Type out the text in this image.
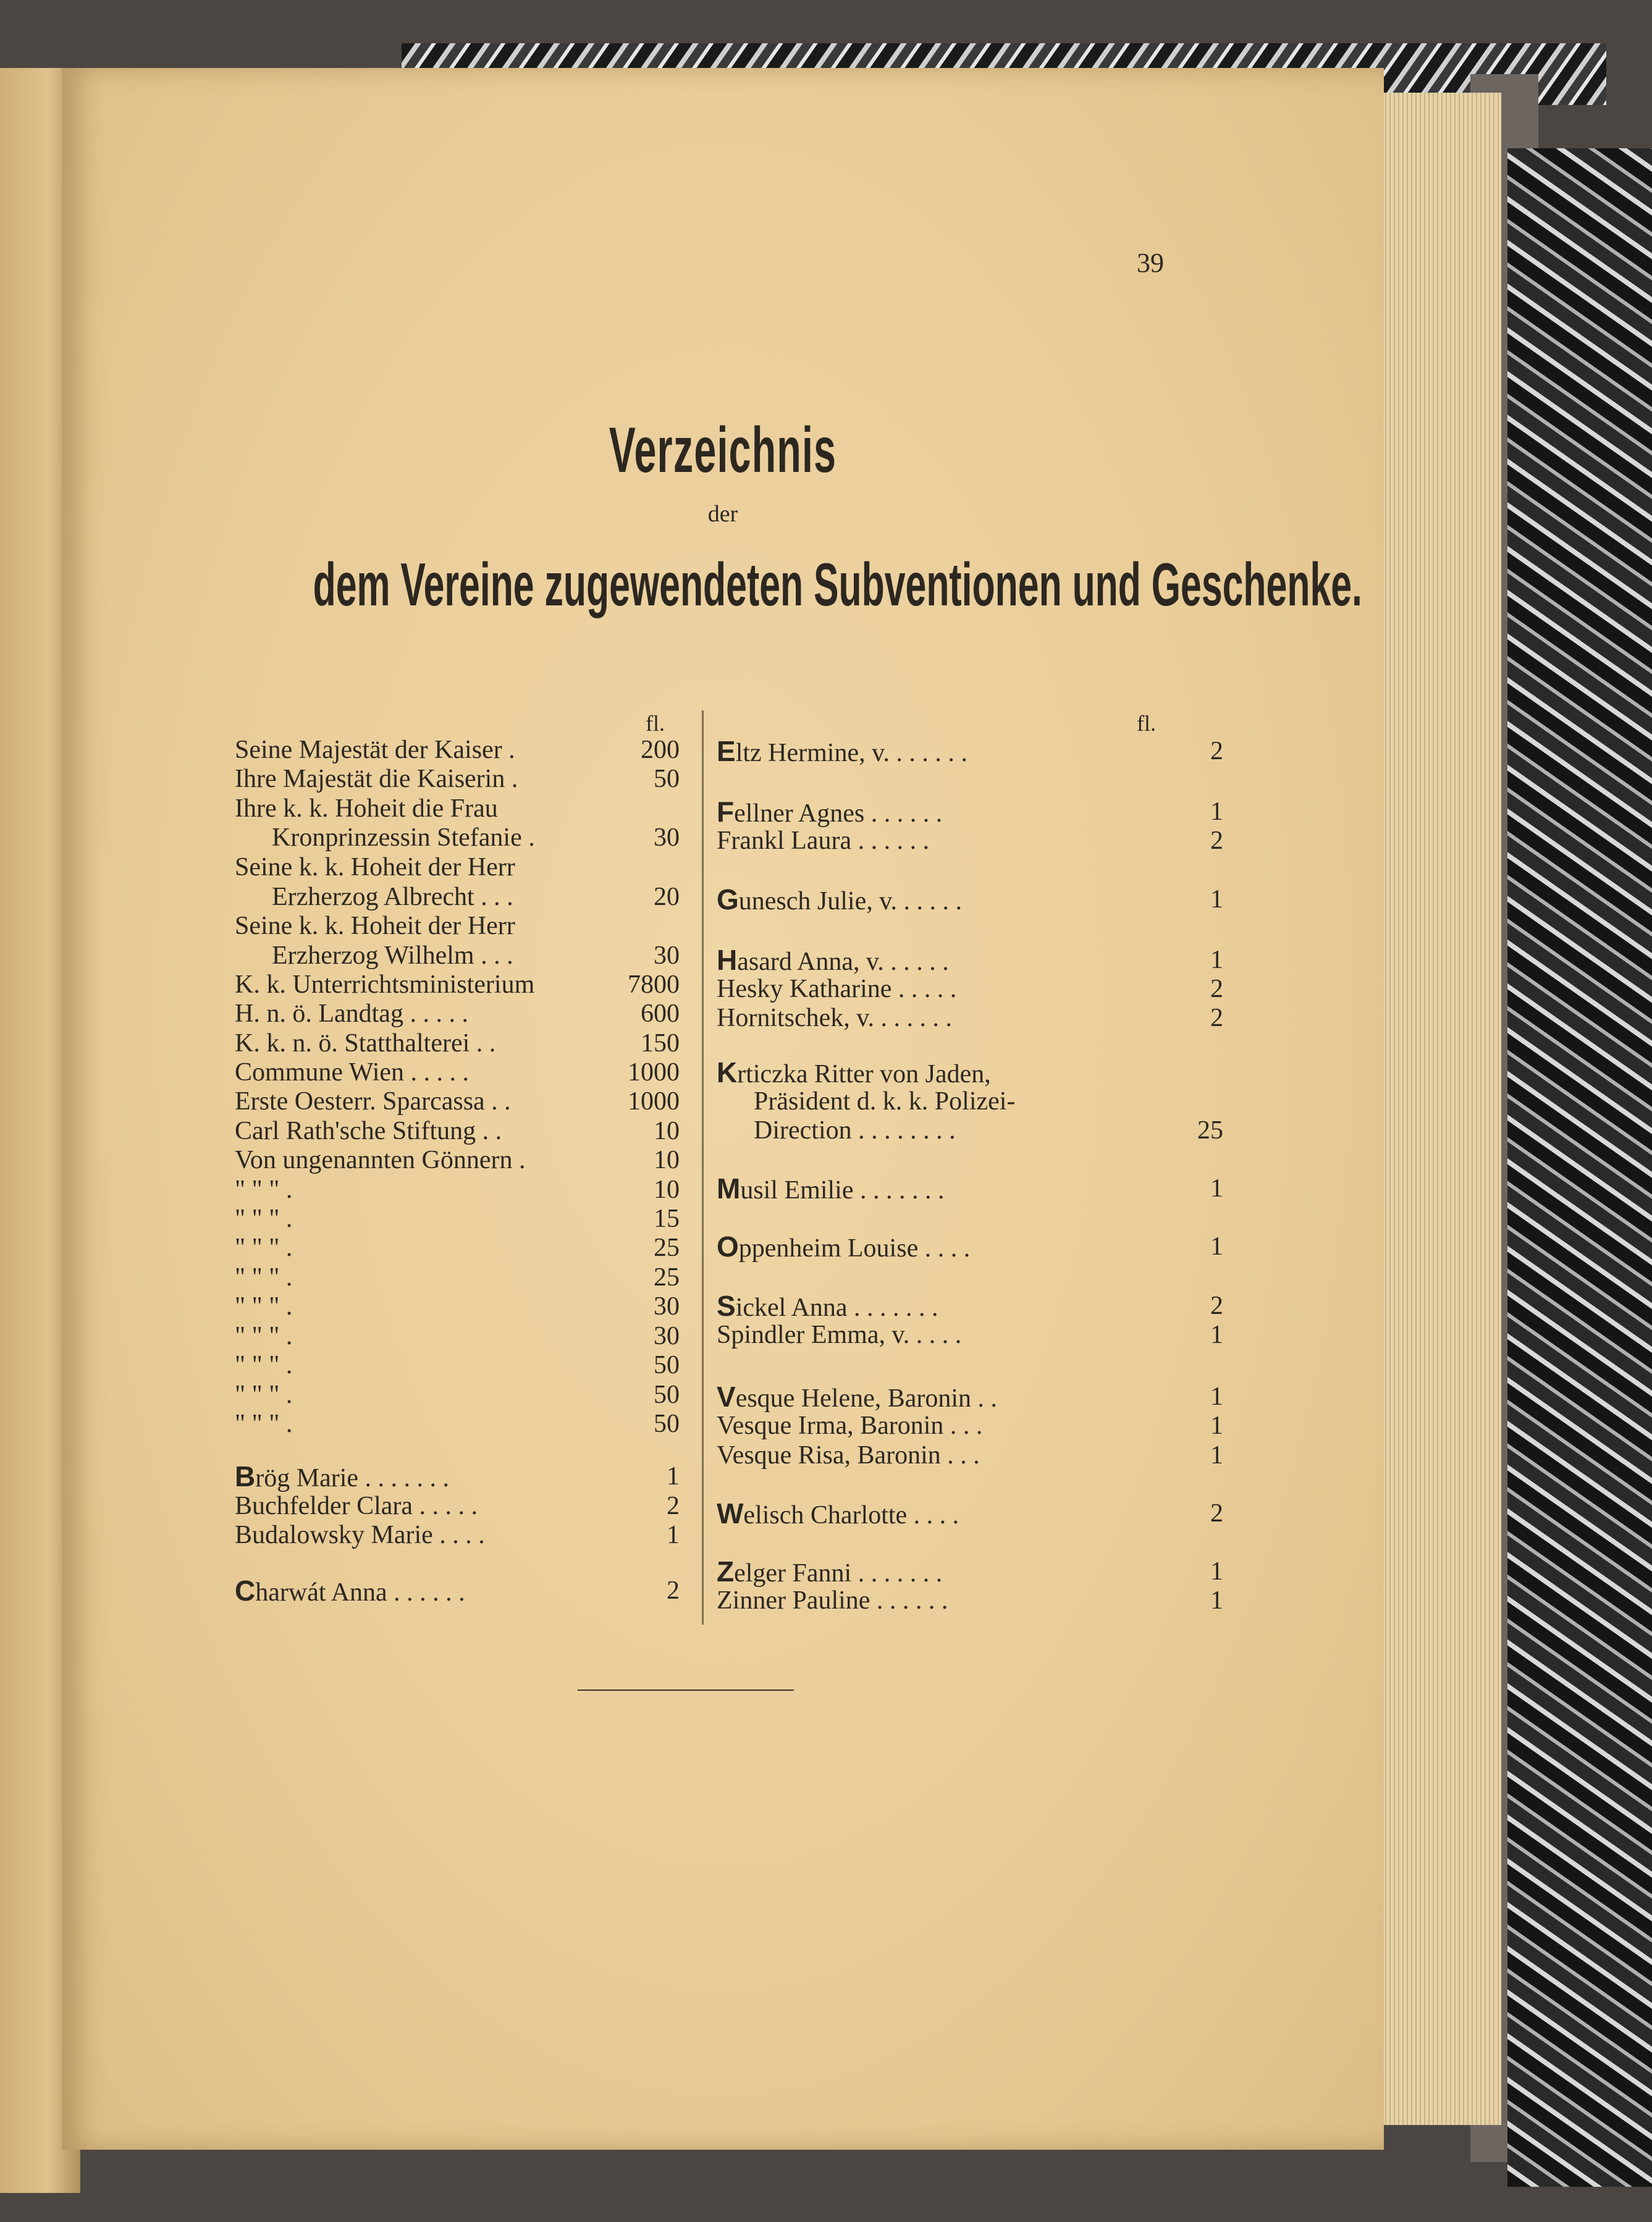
39
Verzeichnis
der
dem Vereine zugewendeten Subventionen und Geschenke.
fl.
Seine Majestät der Kaiser .	200
Ihre Majestät die Kaiserin .	50
Ihre k. k. Hoheit die Frau
Kronprinzessin Stefanie .	30
Seine k. k. Hoheit der Herr
Erzherzog Albrecht . . .	20
Seine k. k. Hoheit der Herr
Erzherzog Wilhelm . . .	30
K. k. Unterrichtsministerium	7800
H. n. ö. Landtag . . . . .	600
K. k. n. ö. Statthalterei . .	150
Commune Wien . . . . .	1000
Erste Oesterr. Sparcassa . .	1000
Carl Rath'sche Stiftung . .	10
Von ungenannten Gönnern .	10
" " " .	10
" " " .	15
" " " .	25
" " " .	25
" " " .	30
" " " .	30
" " " .	50
" " " .	50
" " " .	50
Brög Marie . . . . . . .	1
Buchfelder Clara . . . . .	2
Budalowsky Marie . . . .	1
Charwát Anna . . . . . .	2
fl.
Eltz Hermine, v. . . . . . .	2
Fellner Agnes . . . . . .	1
Frankl Laura . . . . . .	2
Gunesch Julie, v. . . . . .	1
Hasard Anna, v. . . . . .	1
Hesky Katharine . . . . .	2
Hornitschek, v. . . . . . .	2
Krticzka Ritter von Jaden,
Präsident d. k. k. Polizei-
Direction . . . . . . . .	25
Musil Emilie . . . . . . .	1
Oppenheim Louise . . . .	1
Sickel Anna . . . . . . .	2
Spindler Emma, v. . . . .	1
Vesque Helene, Baronin . .	1
Vesque Irma, Baronin . . .	1
Vesque Risa, Baronin . . .	1
Welisch Charlotte . . . .	2
Zelger Fanni . . . . . . .	1
Zinner Pauline . . . . . .	1
